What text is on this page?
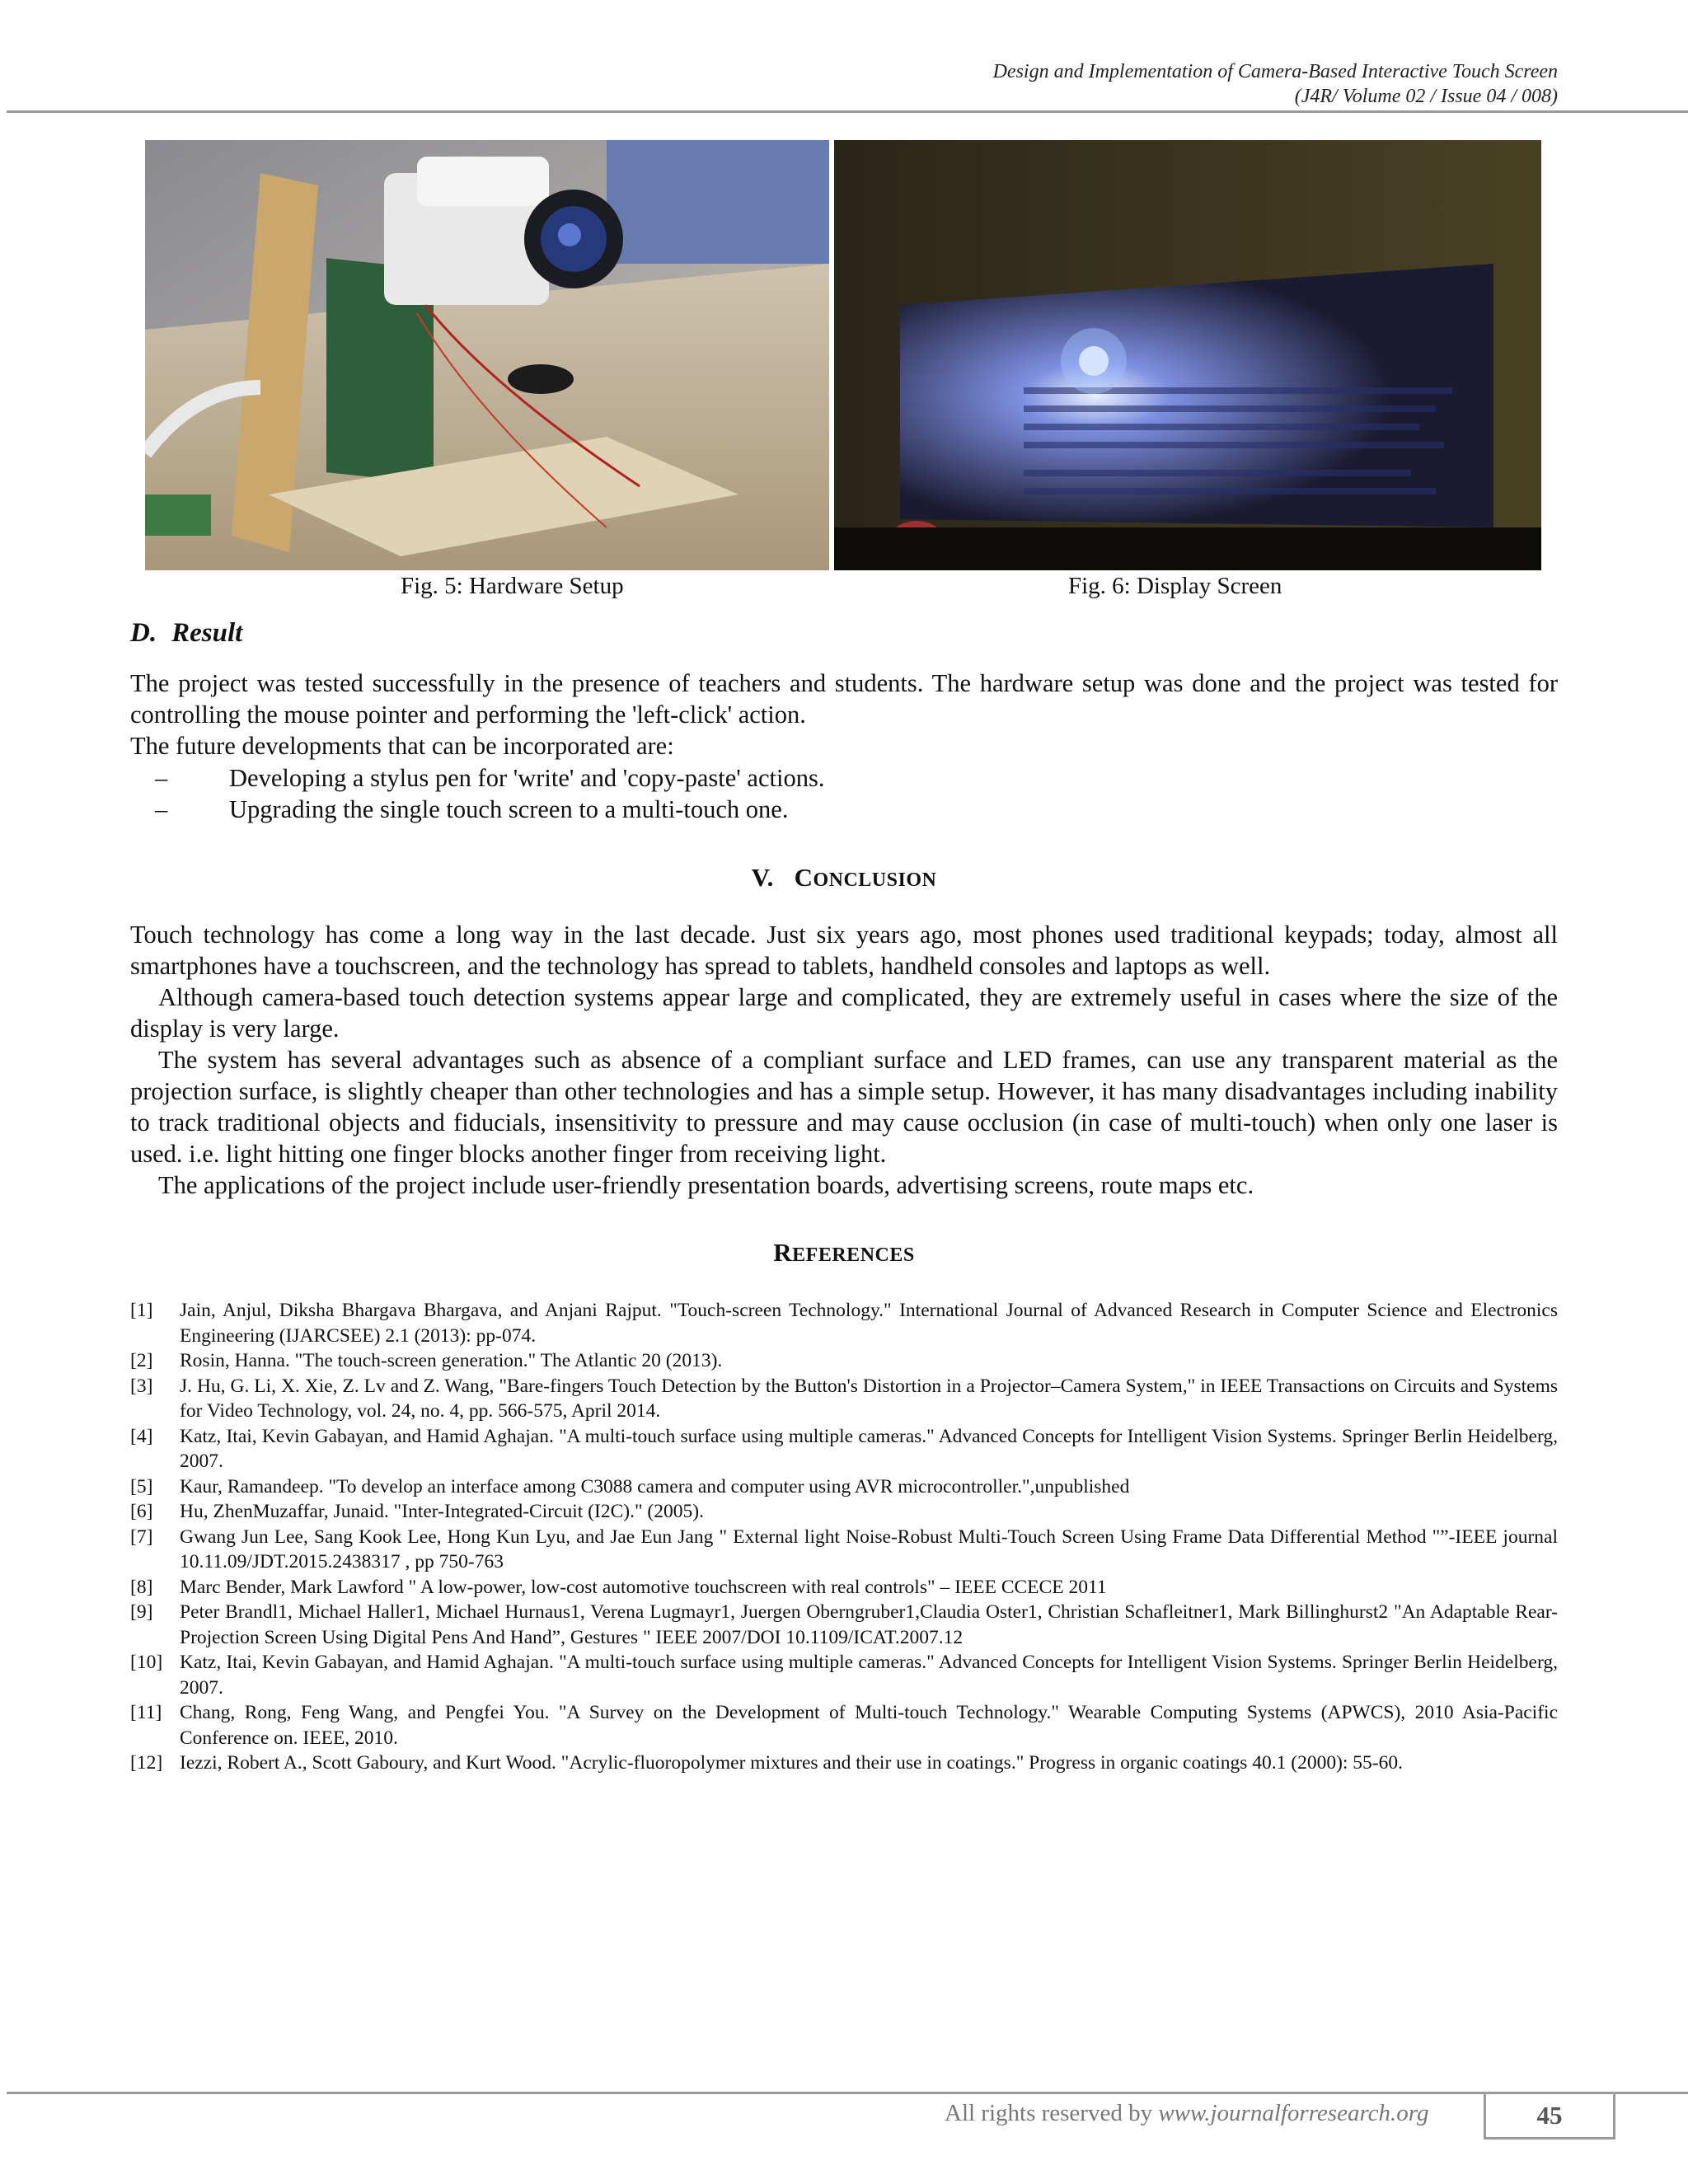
Design and Implementation of Camera-Based Interactive Touch Screen
(J4R/ Volume 02 / Issue 04 / 008)
Fig. 5: Hardware Setup	Fig. 6: Display Screen
D. Result

The project was tested successfully in the presence of teachers and students. The hardware setup was done and the project was tested for controlling the mouse pointer and performing the 'left-click' action.

The future developments that can be incorporated are:

– Developing a stylus pen for 'write' and 'copy-paste' actions.
– Upgrading the single touch screen to a multi-touch one.
V. CONCLUSION

Touch technology has come a long way in the last decade. Just six years ago, most phones used traditional keypads; today, almost all smartphones have a touchscreen, and the technology has spread to tablets, handheld consoles and laptops as well.

Although camera-based touch detection systems appear large and complicated, they are extremely useful in cases where the size of the display is very large.

The system has several advantages such as absence of a compliant surface and LED frames, can use any transparent material as the projection surface, is slightly cheaper than other technologies and has a simple setup. However, it has many disadvantages including inability to track traditional objects and fiducials, insensitivity to pressure and may cause occlusion (in case of multi-touch) when only one laser is used. i.e. light hitting one finger blocks another finger from receiving light.

The applications of the project include user-friendly presentation boards, advertising screens, route maps etc.

REFERENCES
[1] Jain, Anjul, Diksha Bhargava Bhargava, and Anjani Rajput. "Touch-screen Technology." International Journal of Advanced Research in Computer Science and Electronics Engineering (IJARCSEE) 2.1 (2013): pp-074.
[2] Rosin, Hanna. "The touch-screen generation." The Atlantic 20 (2013).
[3] J. Hu, G. Li, X. Xie, Z. Lv and Z. Wang, "Bare-fingers Touch Detection by the Button's Distortion in a Projector–Camera System," in IEEE Transactions on Circuits and Systems for Video Technology, vol. 24, no. 4, pp. 566-575, April 2014.
[4] Katz, Itai, Kevin Gabayan, and Hamid Aghajan. "A multi-touch surface using multiple cameras." Advanced Concepts for Intelligent Vision Systems. Springer Berlin Heidelberg, 2007.
[5] Kaur, Ramandeep. "To develop an interface among C3088 camera and computer using AVR microcontroller.",unpublished
[6] Hu, ZhenMuzaffar, Junaid. "Inter-Integrated-Circuit (I2C)." (2005).
[7] Gwang Jun Lee, Sang Kook Lee, Hong Kun Lyu, and Jae Eun Jang " External light Noise-Robust Multi-Touch Screen Using Frame Data Differential Method "”-IEEE journal 10.11.09/JDT.2015.2438317 , pp 750-763
[8] Marc Bender, Mark Lawford " A low-power, low-cost automotive touchscreen with real controls" – IEEE CCECE 2011
[9] Peter Brandl1, Michael Haller1, Michael Hurnaus1, Verena Lugmayr1, Juergen Oberngruber1,Claudia Oster1, Christian Schafleitner1, Mark Billinghurst2 "An Adaptable Rear-Projection Screen Using Digital Pens And Hand”, Gestures " IEEE 2007/DOI 10.1109/ICAT.2007.12
[10] Katz, Itai, Kevin Gabayan, and Hamid Aghajan. "A multi-touch surface using multiple cameras." Advanced Concepts for Intelligent Vision Systems. Springer Berlin Heidelberg, 2007.
[11] Chang, Rong, Feng Wang, and Pengfei You. "A Survey on the Development of Multi-touch Technology." Wearable Computing Systems (APWCS), 2010 Asia-Pacific Conference on. IEEE, 2010.
[12] Iezzi, Robert A., Scott Gaboury, and Kurt Wood. "Acrylic-fluoropolymer mixtures and their use in coatings." Progress in organic coatings 40.1 (2000): 55-60.
All rights reserved by www.journalforresearch.org	45
